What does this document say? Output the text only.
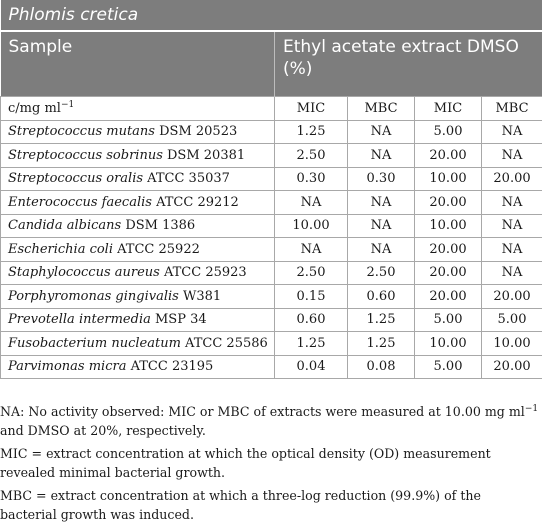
Phlomis cretica				
Sample	Ethyl acetate extract DMSO (%)			
c/mg $ml^{-1}$	MIC	MBC	MIC	MBC
Streptococcus mutans DSM 20523	1.25	NA	5.00	NA
Streptococcus sobrinus DSM 20381	2.50	NA	20.00	NA
Streptococcus oralis ATCC 35037	0.30	0.30	10.00	20.00
Enterococcus faecalis ATCC 29212	NA	NA	20.00	NA
Candida albicans DSM 1386	10.00	NA	10.00	NA
Escherichia coli ATCC 25922	NA	NA	20.00	NA
Staphylococcus aureus ATCC 25923	2.50	2.50	20.00	NA
Porphyromonas gingivalis W381	0.15	0.60	20.00	20.00
Prevotella intermedia MSP 34	0.60	1.25	5.00	5.00
Fusobacterium nucleatum ATCC 25586	1.25	1.25	10.00	10.00
Parvimonas micra ATCC 23195	0.04	0.08	5.00	20.00

NA: No activity observed: MIC or MBC of extracts were measured at 10.00 mg $ml^{-1}$ and DMSO at 20%, respectively.

MIC = extract concentration at which the optical density (OD) measurement revealed minimal bacterial growth.

MBC = extract concentration at which a three-log reduction (99.9%) of the bacterial growth was induced.
